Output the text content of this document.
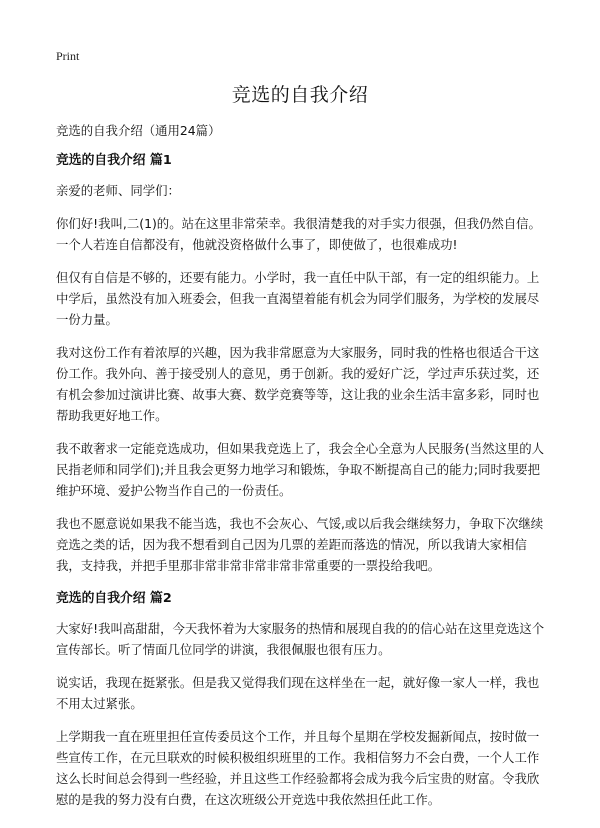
Print
竞选的自我介绍
竞选的自我介绍（通用24篇）
竞选的自我介绍 篇1

亲爱的老师、同学们：

你们好!我叫,二(1)的。站在这里非常荣幸。我很清楚我的对手实力很强，但我仍然自信。一个人若连自信都没有，他就没资格做什么事了，即使做了，也很难成功!

但仅有自信是不够的，还要有能力。小学时，我一直任中队干部，有一定的组织能力。上中学后，虽然没有加入班委会，但我一直渴望着能有机会为同学们服务，为学校的发展尽一份力量。

我对这份工作有着浓厚的兴趣，因为我非常愿意为大家服务，同时我的性格也很适合干这份工作。我外向、善于接受别人的意见，勇于创新。我的爱好广泛，学过声乐获过奖，还有机会参加过演讲比赛、故事大赛、数学竞赛等等，这让我的业余生活丰富多彩，同时也帮助我更好地工作。

我不敢奢求一定能竞选成功，但如果我竞选上了，我会全心全意为人民服务(当然这里的人民指老师和同学们);并且我会更努力地学习和锻炼，争取不断提高自己的能力;同时我要把维护环境、爱护公物当作自己的一份责任。

我也不愿意说如果我不能当选，我也不会灰心、气馁,或以后我会继续努力，争取下次继续竞选之类的话，因为我不想看到自己因为几票的差距而落选的情况，所以我请大家相信我，支持我，并把手里那非常非常非常非常非常重要的一票投给我吧。

竞选的自我介绍 篇2

大家好!我叫高甜甜，今天我怀着为大家服务的热情和展现自我的的信心站在这里竞选这个宣传部长。听了情面几位同学的讲演，我很佩服也很有压力。

说实话，我现在挺紧张。但是我又觉得我们现在这样坐在一起，就好像一家人一样，我也不用太过紧张。

上学期我一直在班里担任宣传委员这个工作，并且每个星期在学校发掘新闻点，按时做一些宣传工作，在元旦联欢的时候积极组织班里的工作。我相信努力不会白费，一个人工作这么长时间总会得到一些经验，并且这些工作经验都将会成为我今后宝贵的财富。令我欣慰的是我的努力没有白费，在这次班级公开竞选中我依然担任此工作。
